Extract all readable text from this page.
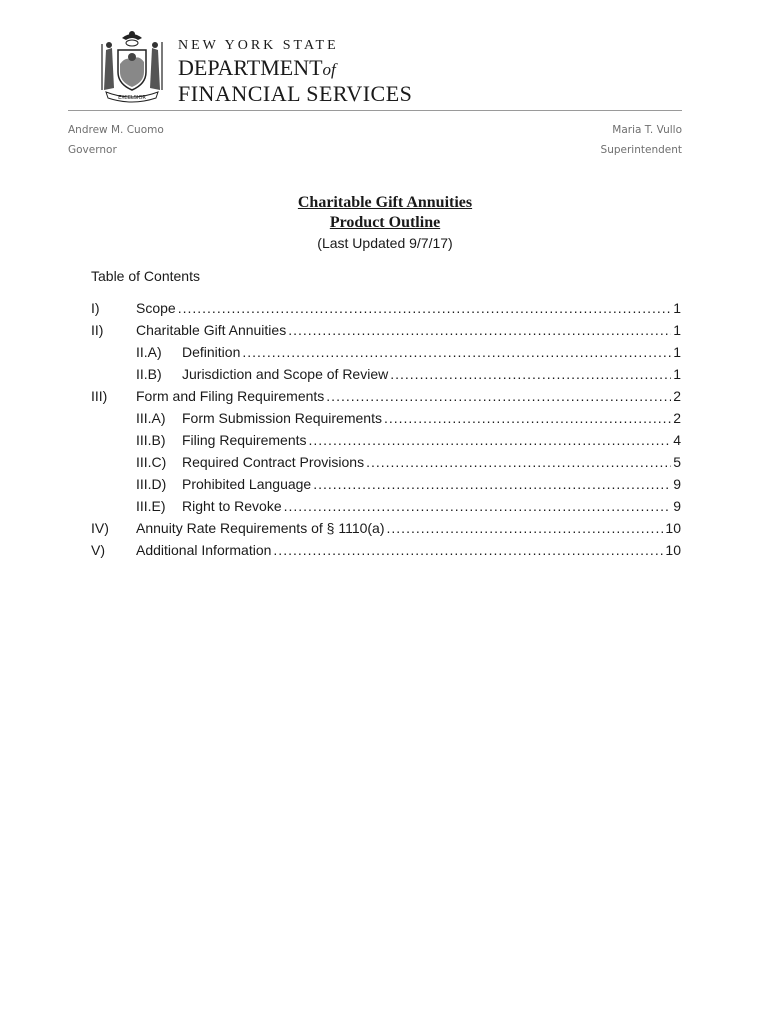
EXCELSIOR
NEW YORK STATE
DEPARTMENTof
FINANCIAL SERVICES
Andrew M. Cuomo
Governor
Maria T. Vullo
Superintendent
Charitable Gift Annuities
Product Outline
(Last Updated 9/7/17)
Table of Contents
I)	Scope .....	1
II) Charitable Gift Annuities .....	1
II.A) Definition .....	1
II.B) Jurisdiction and Scope of Review .....	1
III) Form and Filing Requirements .....	2
III.A) Form Submission Requirements .....	2
III.B) Filing Requirements .....	4
III.C) Required Contract Provisions .....	5
III.D) Prohibited Language .....	9
III.E) Right to Revoke .....	9
IV) Annuity Rate Requirements of § 1110(a) .....	10
V) Additional Information .....	10
